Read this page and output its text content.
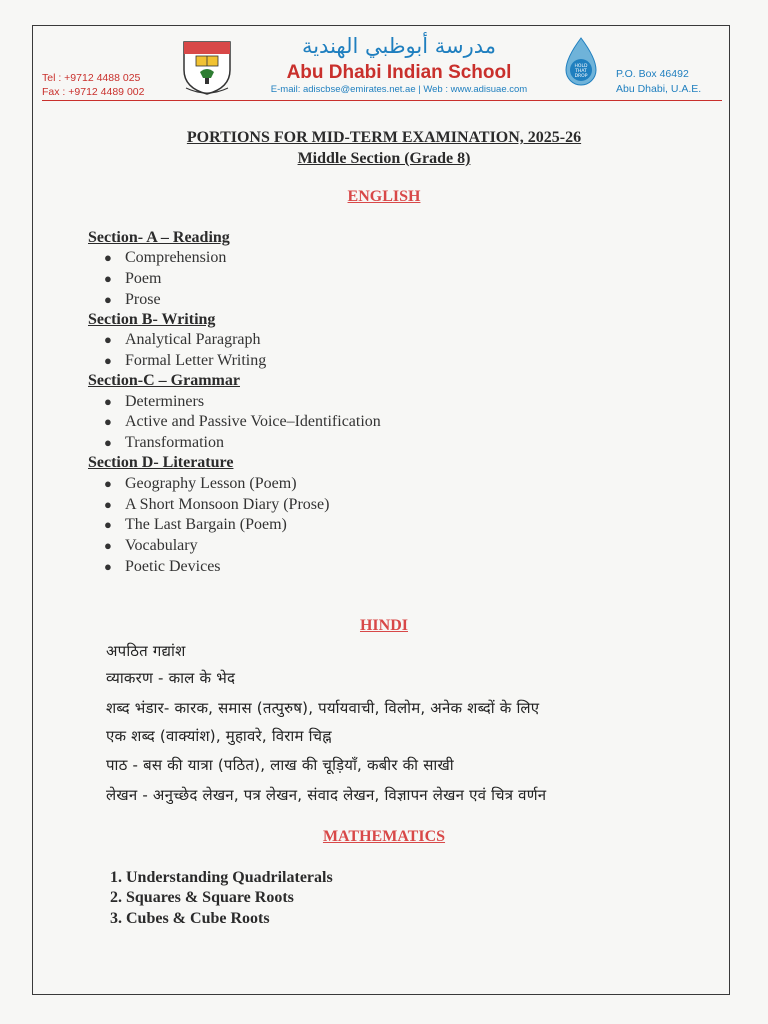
مدرسة أبوظبي الهندية
Abu Dhabi Indian School
E-mail: adiscbse@emirates.net.ae | Web : www.adisuae.com
Tel : +9712 4488 025
Fax : +9712 4489 002
HOLD
THAT
DROP	P.O. Box 46492
Abu Dhabi, U.A.E.
PORTIONS FOR MID-TERM EXAMINATION, 2025-26
Middle Section (Grade 8)
ENGLISH
Section- A – Reading
● Comprehension
● Poem
● Prose
Section B- Writing
● Analytical Paragraph
● Formal Letter Writing
Section-C – Grammar
● Determiners
● Active and Passive Voice–Identification
● Transformation
Section D- Literature
● Geography Lesson (Poem)
● A Short Monsoon Diary (Prose)
● The Last Bargain (Poem)
● Vocabulary
● Poetic Devices
HINDI
अपठित गद्यांश
व्याकरण - काल के भेद
शब्द भंडार- कारक, समास (तत्पुरुष), पर्यायवाची, विलोम, अनेक शब्दों के लिए
एक शब्द (वाक्यांश), मुहावरे, विराम चिह्न
पाठ - बस की यात्रा (पठित), लाख की चूड़ियाँ, कबीर की साखी
लेखन - अनुच्छेद लेखन, पत्र लेखन, संवाद लेखन, विज्ञापन लेखन एवं चित्र वर्णन
MATHEMATICS
1. Understanding Quadrilaterals
2. Squares & Square Roots
3. Cubes & Cube Roots
